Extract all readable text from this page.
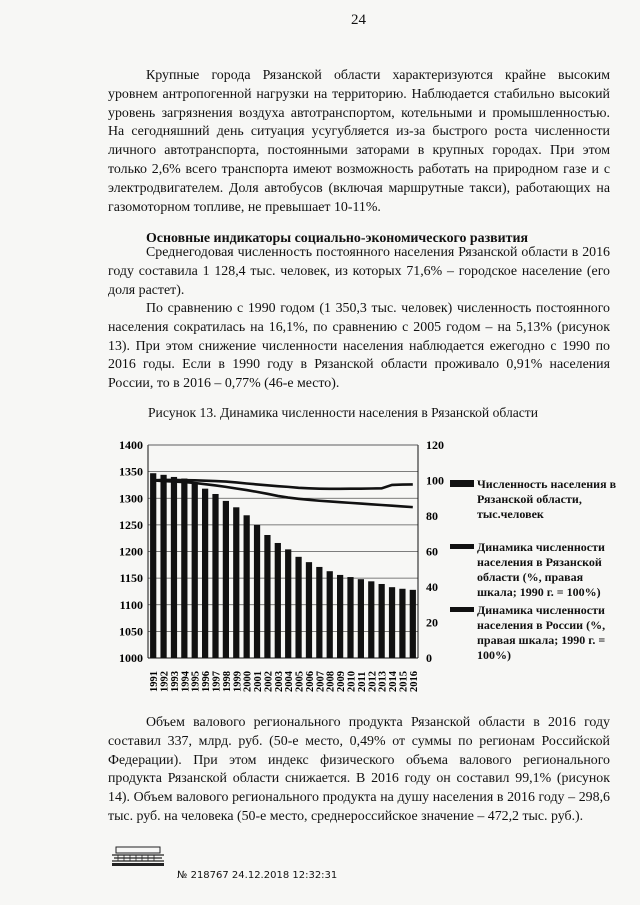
24

Крупные города Рязанской области характеризуются крайне высоким уровнем антропогенной нагрузки на территорию. Наблюдается стабильно высокий уровень загрязнения воздуха автотранспортом, котельными и промышленностью. На сегодняшний день ситуация усугубляется из-за быстрого роста численности личного автотранспорта, постоянными заторами в крупных городах. При этом только 2,6% всего транспорта имеют возможность работать на природном газе и с электродвигателем. Доля автобусов (включая маршрутные такси), работающих на газомоторном топливе, не превышает 10-11%.

Основные индикаторы социально-экономического развития

Среднегодовая численность постоянного населения Рязанской области в 2016 году составила 1 128,4 тыс. человек, из которых 71,6% – городское население (его доля растет).

По сравнению с 1990 годом (1 350,3 тыс. человек) численность постоянного населения сократилась на 16,1%, по сравнению с 2005 годом – на 5,13% (рисунок 13). При этом снижение численности населения наблюдается ежегодно с 1990 по 2016 годы. Если в 1990 году в Рязанской области проживало 0,91% населения России, то в 2016 – 0,77% (46-е место).

Рисунок 13. Динамика численности населения в Рязанской области

1400
1350
1300
1250
1200
1150
1100
1050
1000
120
100
80
60
40
20
0
1991 1992 1993 1994 1995 1996 1997 1998 1999 2000 2001 2002 2003 2004 2005 2006 2007 2008 2009 2010 2011 2012 2013 2014 2015 2016
Численность населения в Рязанской области, тыс.человек
Динамика численности населения в Рязанской области (%, правая шкала; 1990 г. = 100%)
Динамика численности населения в России (%, правая шкала; 1990 г. = 100%)

Объем валового регионального продукта Рязанской области в 2016 году составил 337, млрд. руб. (50-е место, 0,49% от суммы по регионам Российской Федерации). При этом индекс физического объема валового регионального продукта Рязанской области снижается. В 2016 году он составил 99,1% (рисунок 14). Объем валового регионального продукта на душу населения в 2016 году – 298,6 тыс. руб. на человека (50-е место, среднероссийское значение – 472,2 тыс. руб.).

№ 218767 24.12.2018 12:32:31
